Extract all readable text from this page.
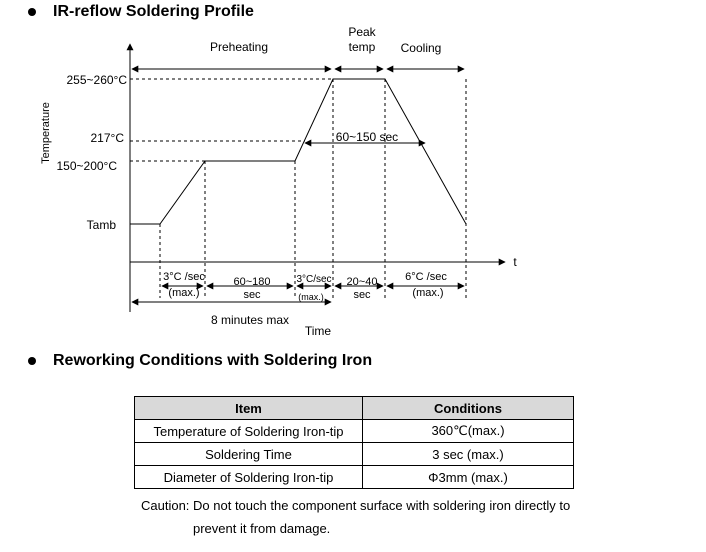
IR-reflow Soldering Profile
Temperature
255~260°C
217°C
150~200°C
Tamb
Preheating
Peak
temp Cooling
60~150 sec
t
3°C /sec
(max.)
60~180
sec
3°C/sec
(max.)
20~40
sec
6°C /sec
(max.)
8 minutes max
Time
Reworking Conditions with Soldering Iron
Item	Conditions
Temperature of Soldering Iron-tip	360℃(max.)
Soldering Time	3 sec (max.)
Diameter of Soldering Iron-tip	Φ3mm (max.)
Caution: Do not touch the component surface with soldering iron directly to
prevent it from damage.
